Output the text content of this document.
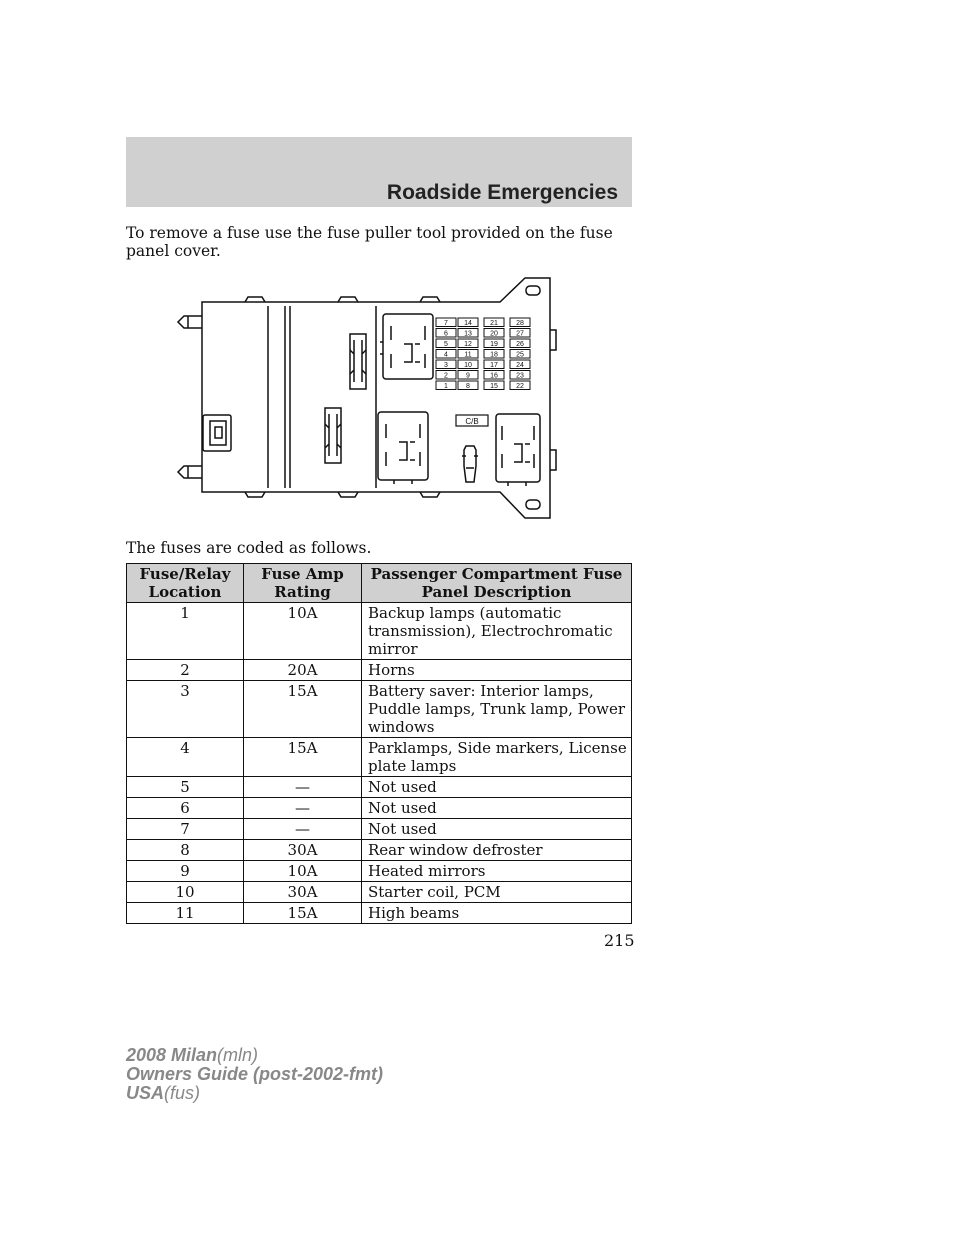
Roadside Emergencies
To remove a fuse use the fuse puller tool provided on the fuse panel cover.
C/B
7 14	21	28
6 13	20	27
5 12	19	26
4 11	18	25
3 10	17	24
2	9	16	23
1	8	15	22
The fuses are coded as follows.
Fuse/Relay Location	Fuse Amp Rating	Passenger Compartment Fuse Panel Description
1	10A	Backup lamps (automatic transmission), Electrochromatic mirror
2	20A	Horns
3	15A	Battery saver: Interior lamps, Puddle lamps, Trunk lamp, Power windows
4	15A	Parklamps, Side markers, License plate lamps
5	—	Not used
6	—	Not used
7	—	Not used
8	30A	Rear window defroster
9	10A	Heated mirrors
10	30A	Starter coil, PCM
11	15A	High beams
215
2008 Milan(mln)
Owners Guide (post-2002-fmt)
USA(fus)
